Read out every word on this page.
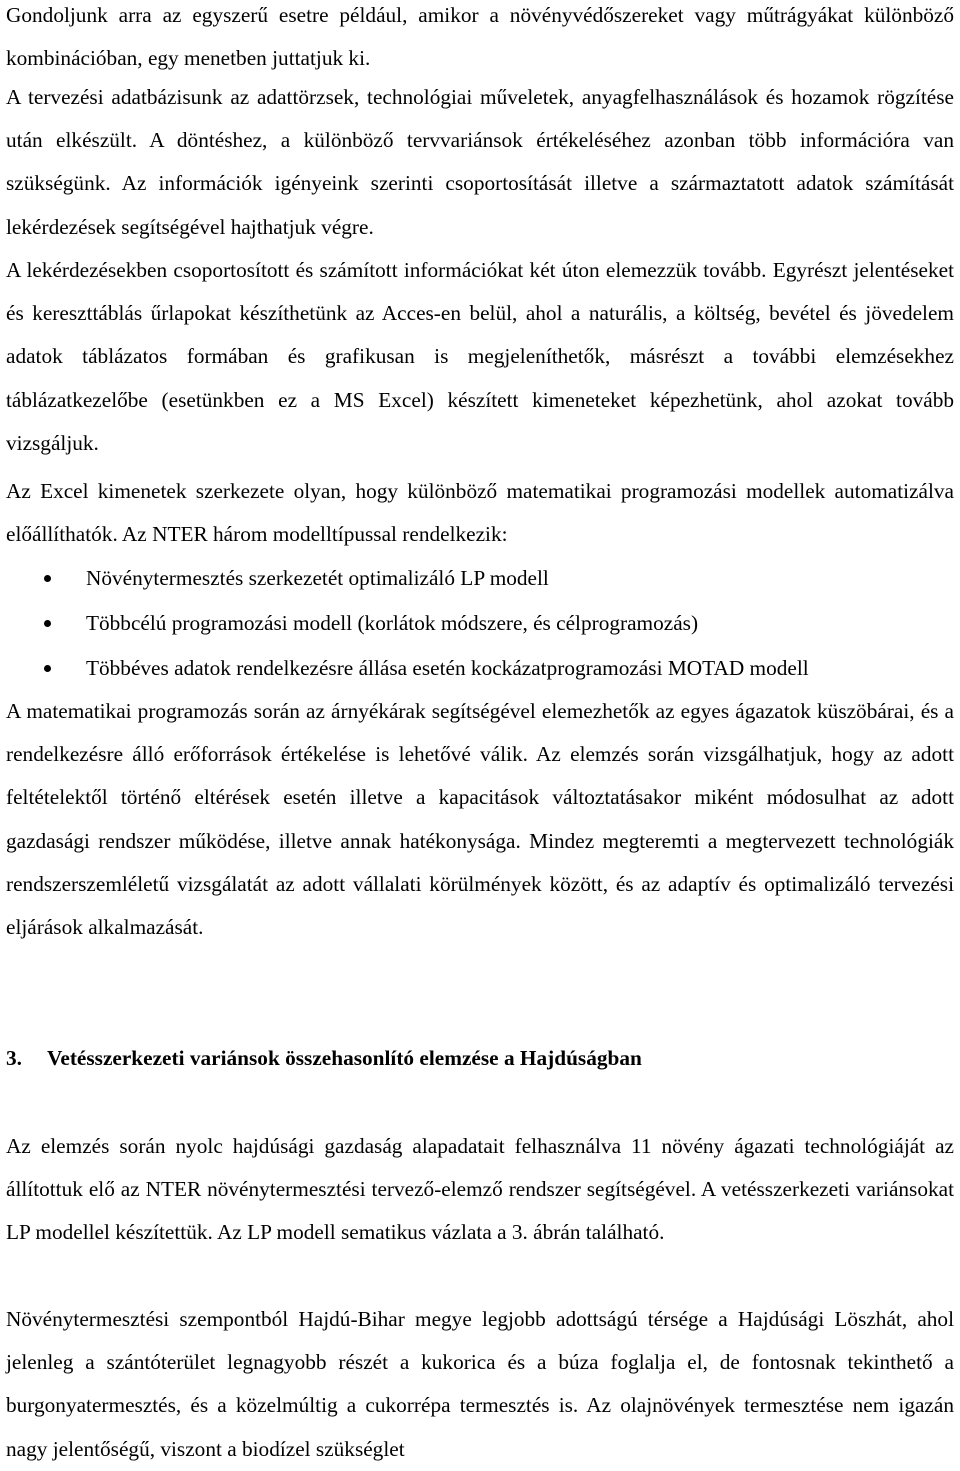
Gondoljunk arra az egyszerű esetre például, amikor a növényvédőszereket vagy műtrágyákat különböző kombinációban, egy menetben juttatjuk ki.

A tervezési adatbázisunk az adattörzsek, technológiai műveletek, anyagfelhasználások és hozamok rögzítése után elkészült. A döntéshez, a különböző tervvariánsok értékeléséhez azonban több információra van szükségünk. Az információk igényeink szerinti csoportosítását illetve a származtatott adatok számítását lekérdezések segítségével hajthatjuk végre.

A lekérdezésekben csoportosított és számított információkat két úton elemezzük tovább. Egyrészt jelentéseket és kereszttáblás űrlapokat készíthetünk az Acces-en belül, ahol a naturális, a költség, bevétel és jövedelem adatok táblázatos formában és grafikusan is megjeleníthetők, másrészt a további elemzésekhez táblázatkezelőbe (esetünkben ez a MS Excel) készített kimeneteket képezhetünk, ahol azokat tovább vizsgáljuk.

Az Excel kimenetek szerkezete olyan, hogy különböző matematikai programozási modellek automatizálva előállíthatók. Az NTER három modelltípussal rendelkezik:

Növénytermesztés szerkezetét optimalizáló LP modell
Többcélú programozási modell (korlátok módszere, és célprogramozás)
Többéves adatok rendelkezésre állása esetén kockázatprogramozási MOTAD modell

A matematikai programozás során az árnyékárak segítségével elemezhetők az egyes ágazatok küszöbárai, és a rendelkezésre álló erőforrások értékelése is lehetővé válik. Az elemzés során vizsgálhatjuk, hogy az adott feltételektől történő eltérések esetén illetve a kapacitások változtatásakor miként módosulhat az adott gazdasági rendszer működése, illetve annak hatékonysága. Mindez megteremti a megtervezett technológiák rendszerszemléletű vizsgálatát az adott vállalati körülmények között, és az adaptív és optimalizáló tervezési eljárások alkalmazását.

3. Vetésszerkezeti variánsok összehasonlító elemzése a Hajdúságban

Az elemzés során nyolc hajdúsági gazdaság alapadatait felhasználva 11 növény ágazati technológiáját az állítottuk elő az NTER növénytermesztési tervező-elemző rendszer segítségével. A vetésszerkezeti variánsokat LP modellel készítettük. Az LP modell sematikus vázlata a 3. ábrán található.

Növénytermesztési szempontból Hajdú-Bihar megye legjobb adottságú térsége a Hajdúsági Löszhát, ahol jelenleg a szántóterület legnagyobb részét a kukorica és a búza foglalja el, de fontosnak tekinthető a burgonyatermesztés, és a közelmúltig a cukorrépa termesztés is. Az olajnövények termesztése nem igazán nagy jelentőségű, viszont a biodízel szükséglet
